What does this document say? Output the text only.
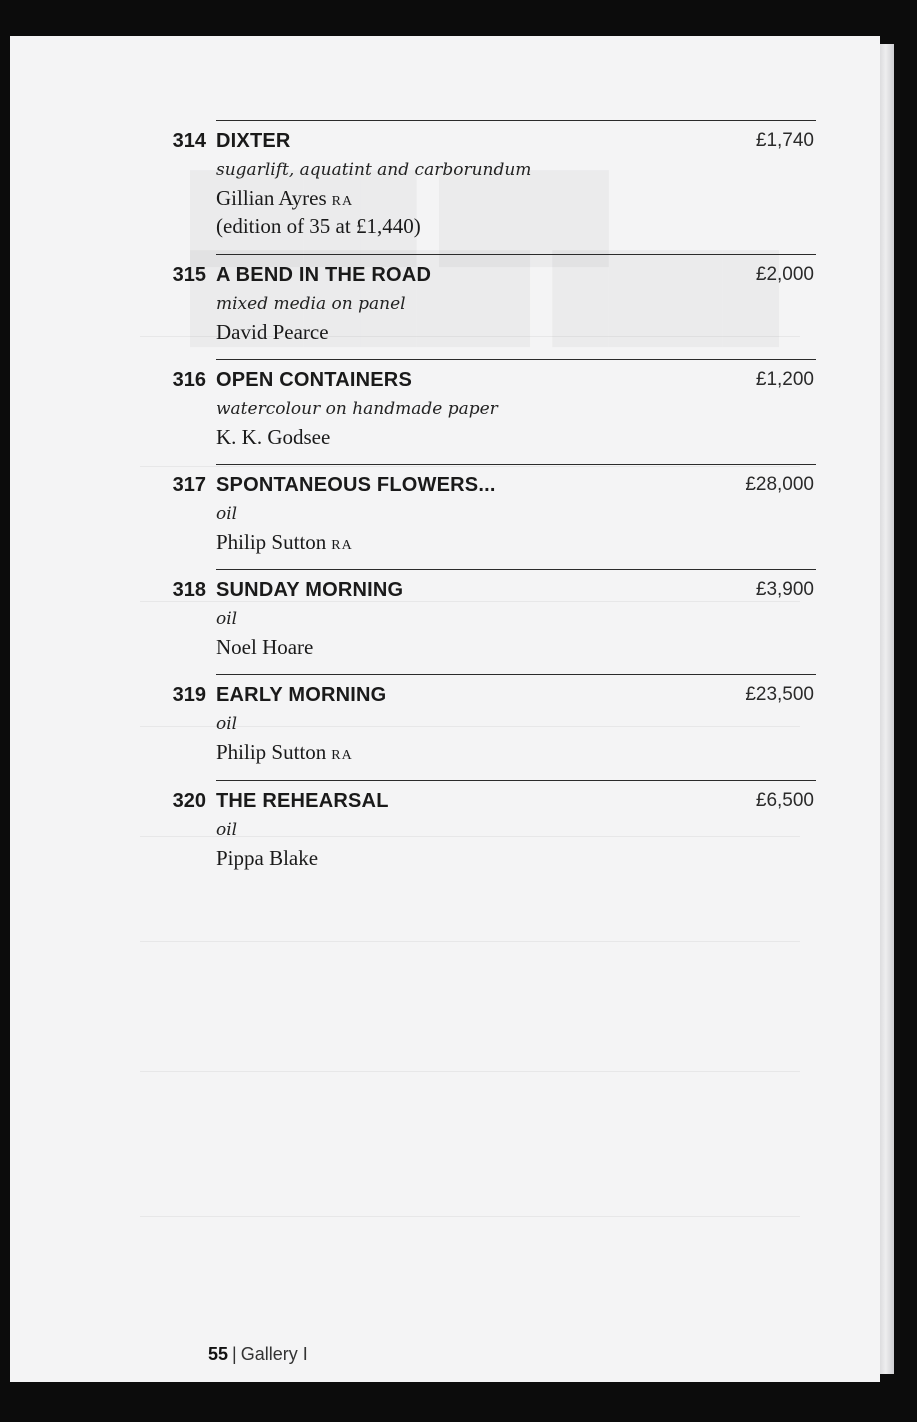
314 DIXTER	£1,740
sugarlift, aquatint and carborundum
Gillian Ayres RA
(edition of 35 at £1,440)
315 A BEND IN THE ROAD	£2,000
mixed media on panel
David Pearce
316 OPEN CONTAINERS	£1,200
watercolour on handmade paper
K. K. Godsee
317 SPONTANEOUS FLOWERS...	£28,000
oil
Philip Sutton RA
318 SUNDAY MORNING	£3,900
oil
Noel Hoare
319 EARLY MORNING	£23,500
oil
Philip Sutton RA
320 THE REHEARSAL	£6,500
oil
Pippa Blake
55 | Gallery I
